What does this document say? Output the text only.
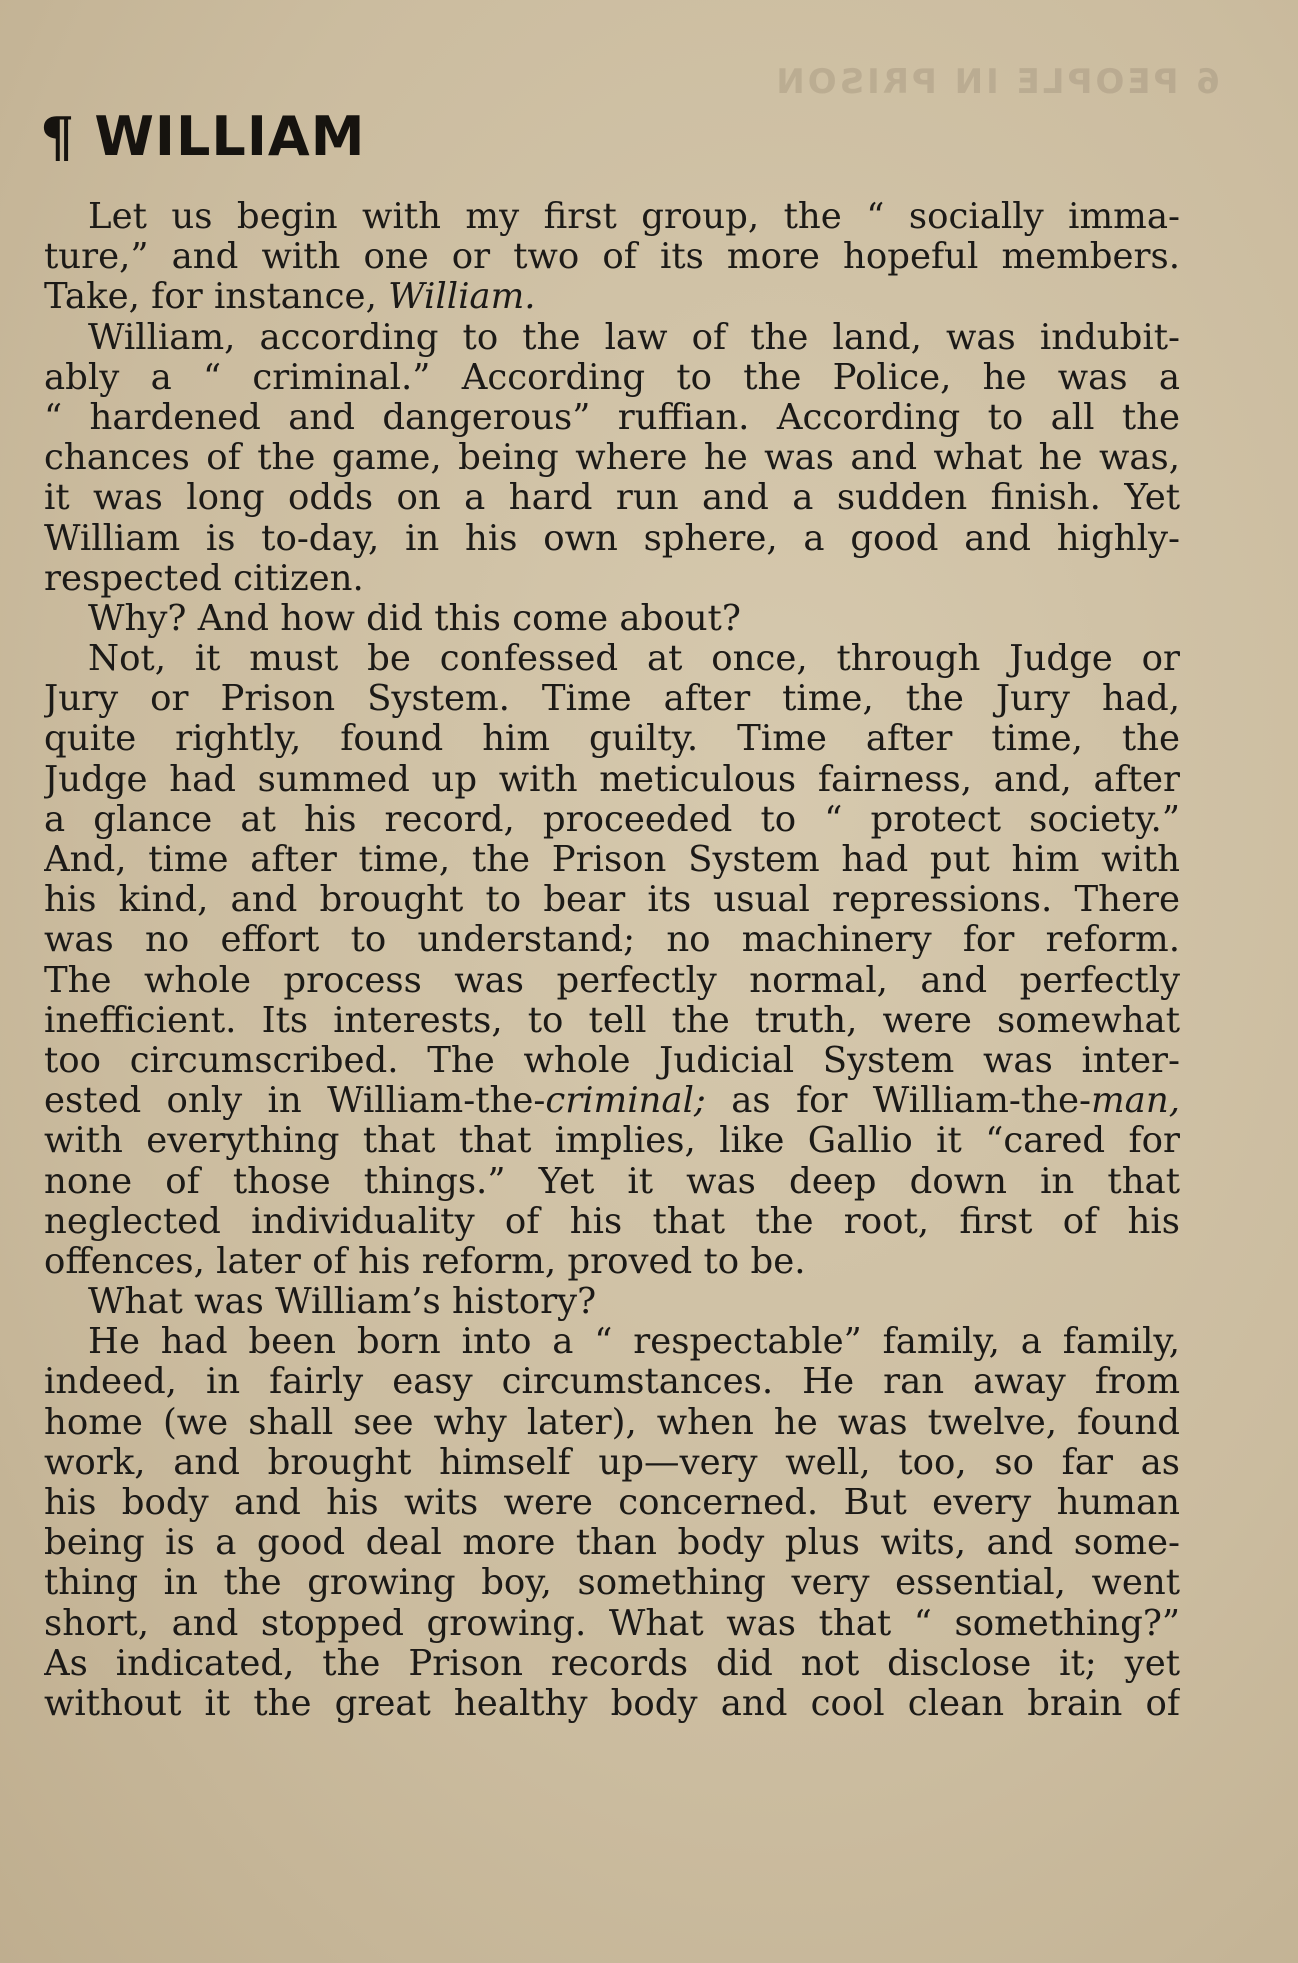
6 PEOPLE IN PRISON
¶ WILLIAM
Let us begin with my first group, the “ socially imma-
ture,” and with one or two of its more hopeful members.
Take, for instance, William.
William, according to the law of the land, was indubit-
ably a “ criminal.” According to the Police, he was a
“ hardened and dangerous” ruffian. According to all the
chances of the game, being where he was and what he was,
it was long odds on a hard run and a sudden finish. Yet
William is to-day, in his own sphere, a good and highly-
respected citizen.
Why? And how did this come about?
Not, it must be confessed at once, through Judge or
Jury or Prison System. Time after time, the Jury had,
quite rightly, found him guilty. Time after time, the
Judge had summed up with meticulous fairness, and, after
a glance at his record, proceeded to “ protect society.”
And, time after time, the Prison System had put him with
his kind, and brought to bear its usual repressions. There
was no effort to understand; no machinery for reform.
The whole process was perfectly normal, and perfectly
inefficient. Its interests, to tell the truth, were somewhat
too circumscribed. The whole Judicial System was inter-
ested only in William-the-criminal; as for William-the-man,
with everything that that implies, like Gallio it “cared for
none of those things.” Yet it was deep down in that
neglected individuality of his that the root, first of his
offences, later of his reform, proved to be.
What was William’s history?
He had been born into a “ respectable” family, a family,
indeed, in fairly easy circumstances. He ran away from
home (we shall see why later), when he was twelve, found
work, and brought himself up—very well, too, so far as
his body and his wits were concerned. But every human
being is a good deal more than body plus wits, and some-
thing in the growing boy, something very essential, went
short, and stopped growing. What was that “ something?”
As indicated, the Prison records did not disclose it; yet
without it the great healthy body and cool clean brain of
